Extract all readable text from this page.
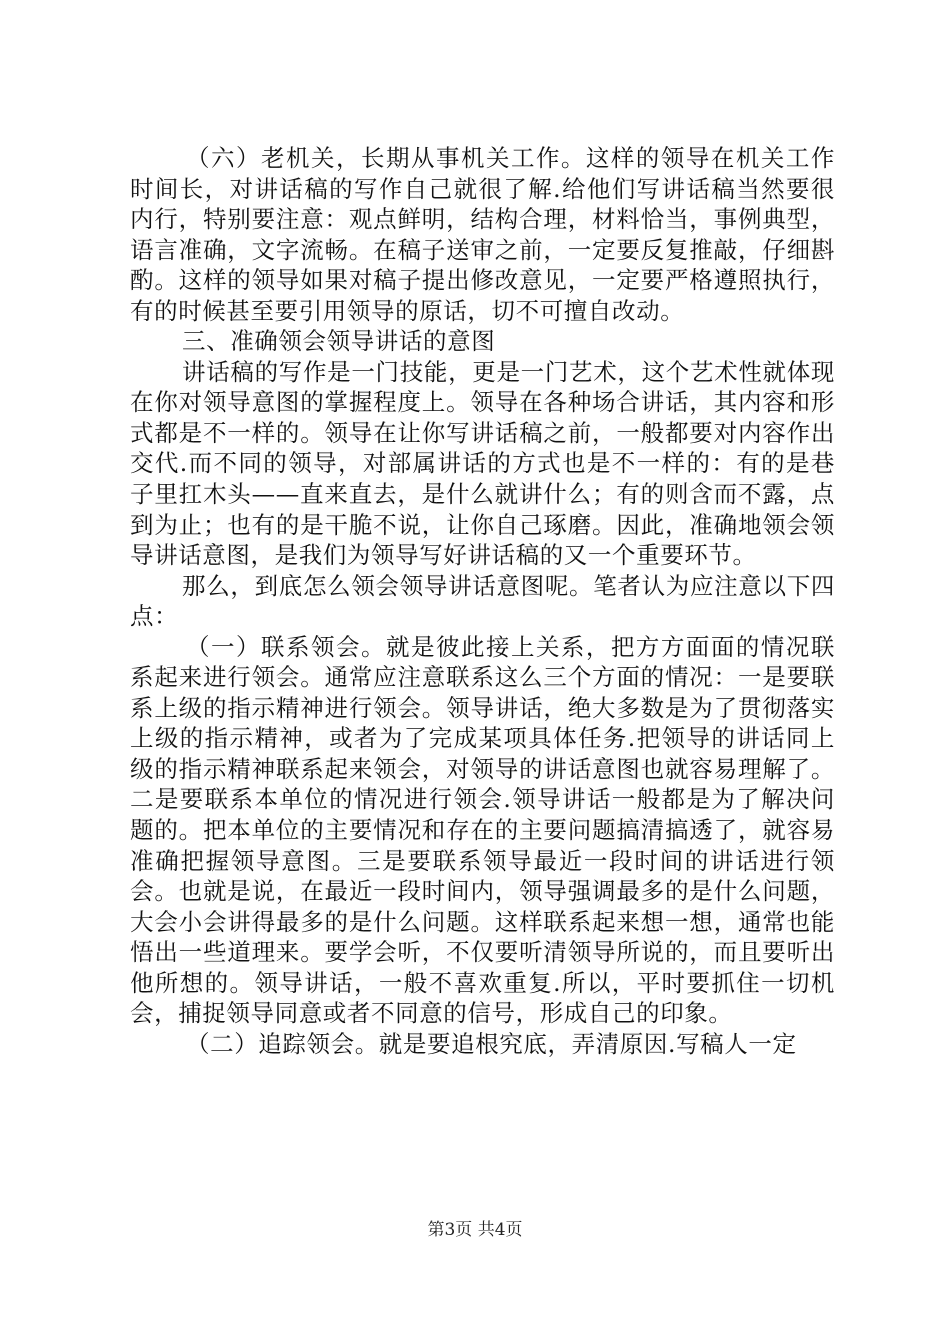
（六）老机关，长期从事机关工作。这样的领导在机关工作时间长，对讲话稿的写作自己就很了解.给他们写讲话稿当然要很内行，特别要注意：观点鲜明，结构合理，材料恰当，事例典型，语言准确，文字流畅。在稿子送审之前，一定要反复推敲，仔细斟酌。这样的领导如果对稿子提出修改意见，一定要严格遵照执行，有的时候甚至要引用领导的原话，切不可擅自改动。

三、准确领会领导讲话的意图

讲话稿的写作是一门技能，更是一门艺术，这个艺术性就体现在你对领导意图的掌握程度上。领导在各种场合讲话，其内容和形式都是不一样的。领导在让你写讲话稿之前，一般都要对内容作出交代.而不同的领导，对部属讲话的方式也是不一样的：有的是巷子里扛木头——直来直去，是什么就讲什么；有的则含而不露，点到为止；也有的是干脆不说，让你自己琢磨。因此，准确地领会领导讲话意图，是我们为领导写好讲话稿的又一个重要环节。

那么，到底怎么领会领导讲话意图呢。笔者认为应注意以下四点：

（一）联系领会。就是彼此接上关系，把方方面面的情况联系起来进行领会。通常应注意联系这么三个方面的情况：一是要联系上级的指示精神进行领会。领导讲话，绝大多数是为了贯彻落实上级的指示精神，或者为了完成某项具体任务.把领导的讲话同上级的指示精神联系起来领会，对领导的讲话意图也就容易理解了。二是要联系本单位的情况进行领会.领导讲话一般都是为了解决问题的。把本单位的主要情况和存在的主要问题搞清搞透了，就容易准确把握领导意图。三是要联系领导最近一段时间的讲话进行领会。也就是说，在最近一段时间内，领导强调最多的是什么问题，大会小会讲得最多的是什么问题。这样联系起来想一想，通常也能悟出一些道理来。要学会听，不仅要听清领导所说的，而且要听出他所想的。领导讲话，一般不喜欢重复.所以，平时要抓住一切机会，捕捉领导同意或者不同意的信号，形成自己的印象。

（二）追踪领会。就是要追根究底，弄清原因.写稿人一定

第3页 共4页
